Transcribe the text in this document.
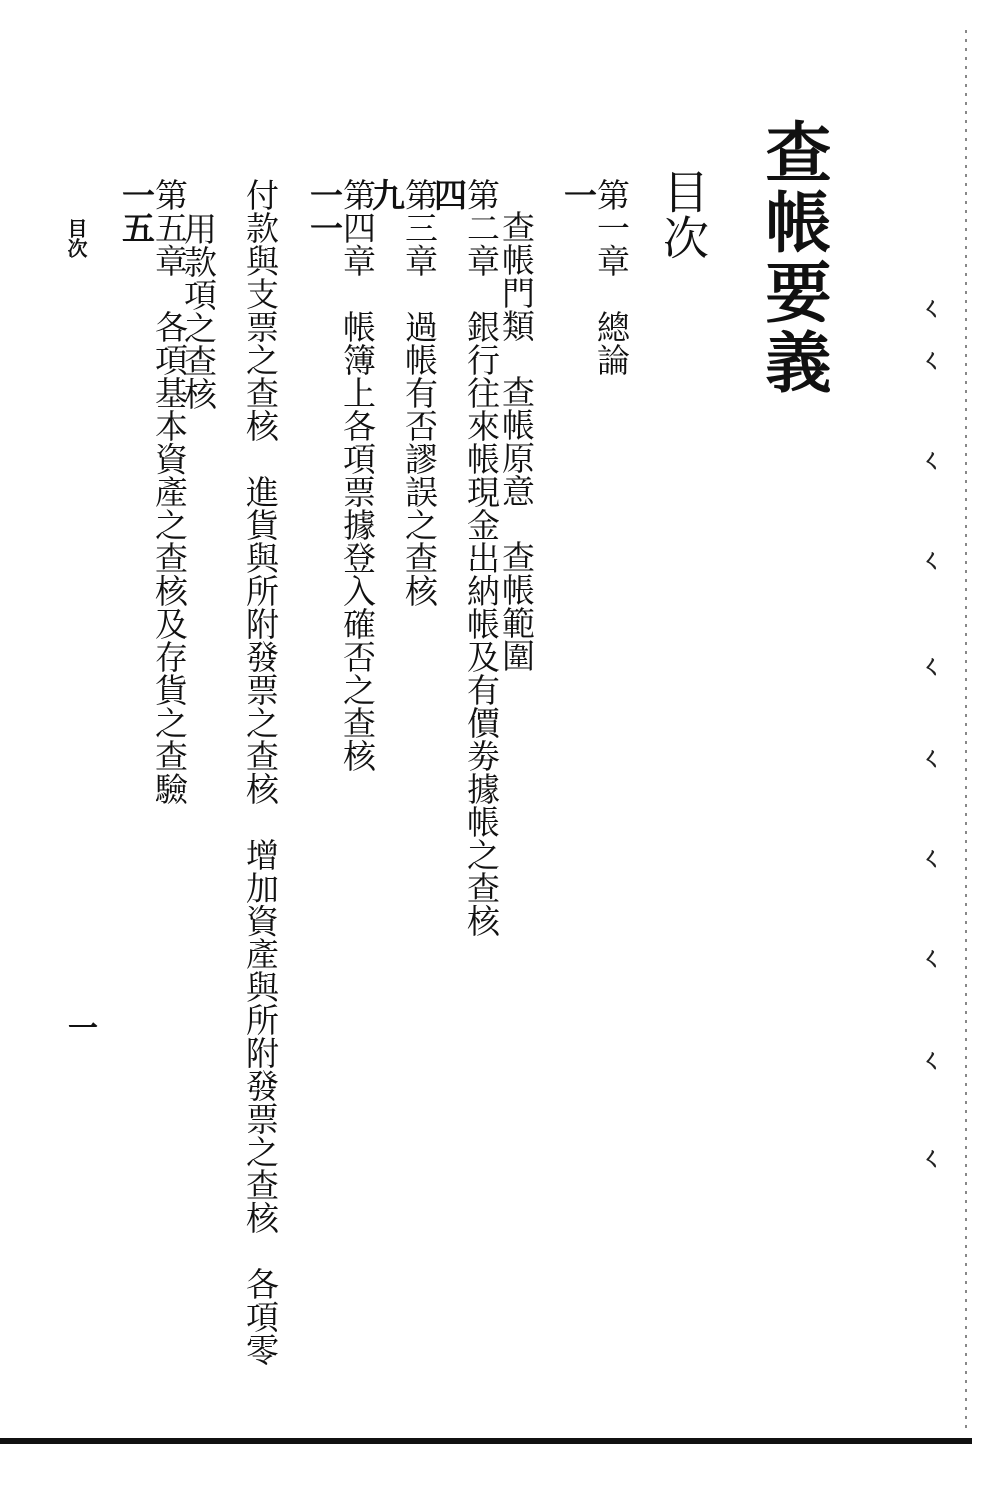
查帳要義
目次
第一章　總論
一
查帳門類查帳原意查帳範圍
第二章　銀行往來帳現金出納帳及有價劵據帳之查核
四
第三章　過帳有否謬誤之查核
九
第四章　帳簿上各項票據登入確否之查核
一一
付款與支票之查核進貨與所附發票之查核增加資產與所附發票之查核各項零
用款項之查核
第五章　各項基本資產之查核及存貨之查驗
一五
目次
一
ㄑ
ㄑ
ㄑ
ㄑ
ㄑ
ㄑ
ㄑ
ㄑ
ㄑ
ㄑ
